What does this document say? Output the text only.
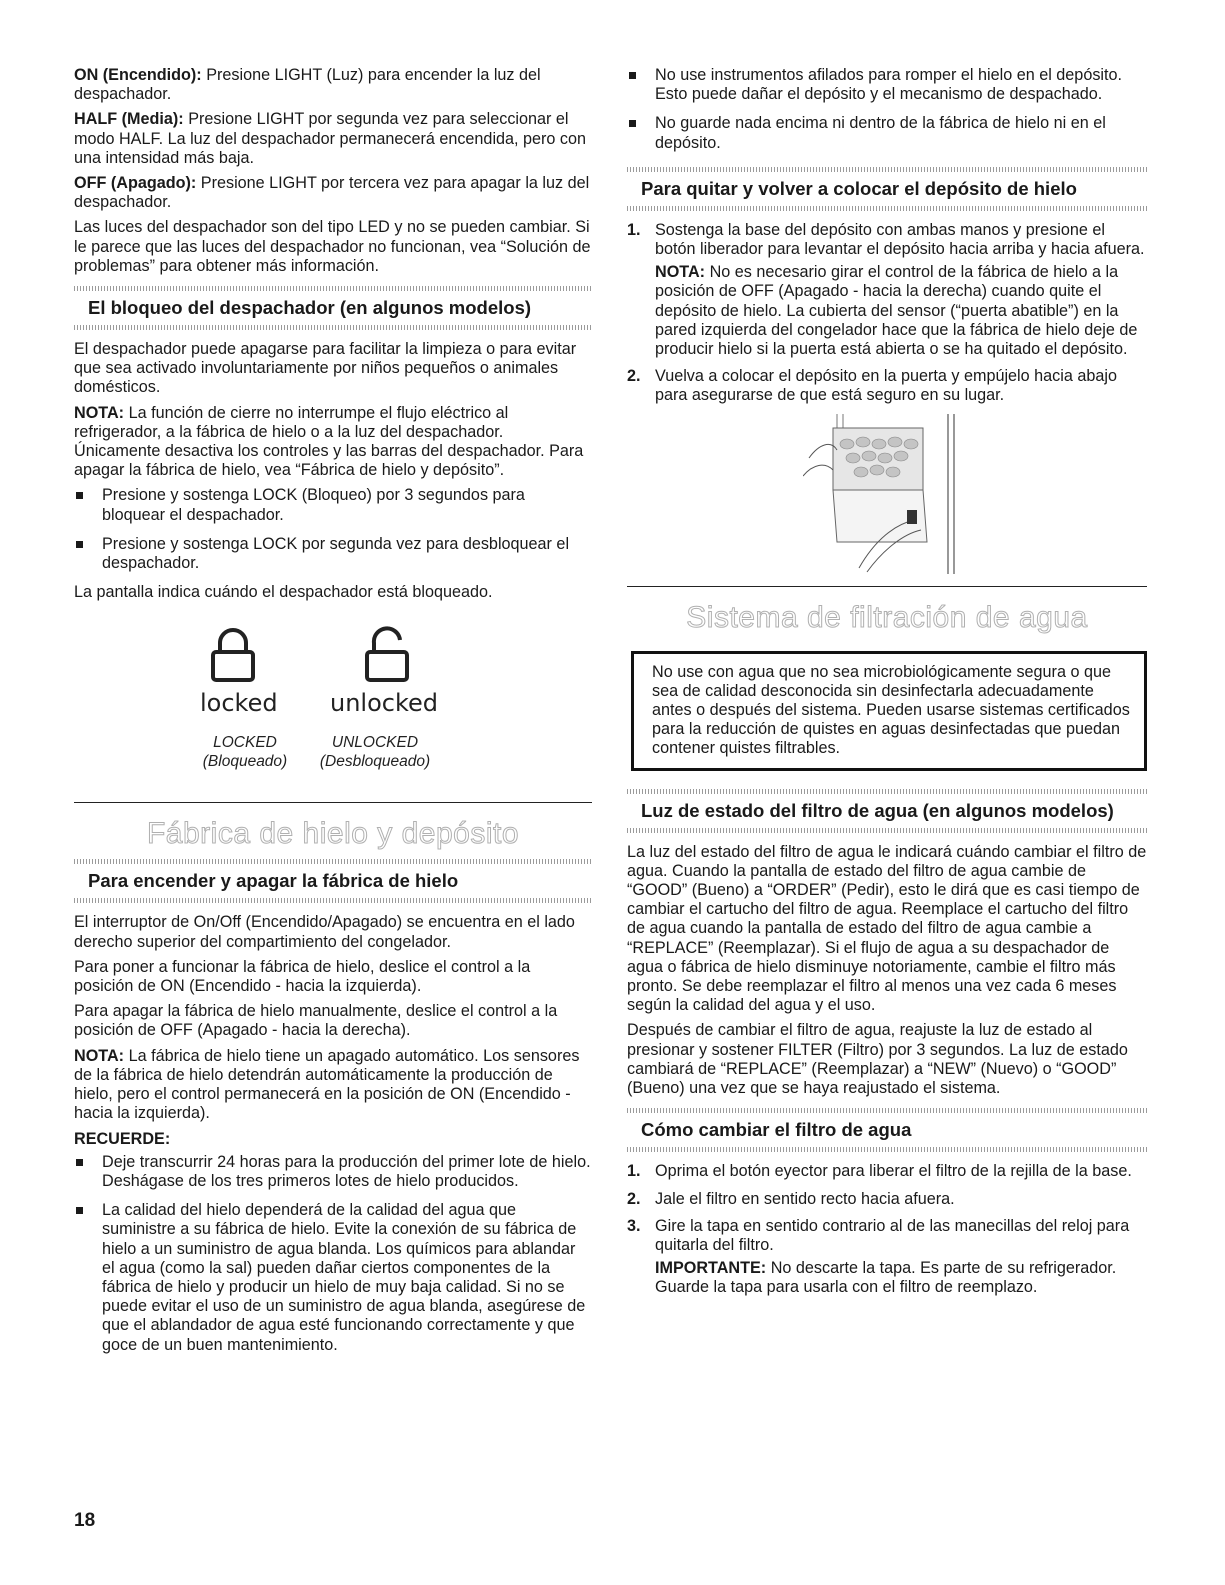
ON (Encendido): Presione LIGHT (Luz) para encender la luz del despachador.

HALF (Media): Presione LIGHT por segunda vez para seleccionar el modo HALF. La luz del despachador permanecerá encendida, pero con una intensidad más baja.

OFF (Apagado): Presione LIGHT por tercera vez para apagar la luz del despachador.

Las luces del despachador son del tipo LED y no se pueden cambiar. Si le parece que las luces del despachador no funcionan, vea “Solución de problemas” para obtener más información.

El bloqueo del despachador (en algunos modelos)

El despachador puede apagarse para facilitar la limpieza o para evitar que sea activado involuntariamente por niños pequeños o animales domésticos.

NOTA: La función de cierre no interrumpe el flujo eléctrico al refrigerador, a la fábrica de hielo o a la luz del despachador. Únicamente desactiva los controles y las barras del despachador. Para apagar la fábrica de hielo, vea “Fábrica de hielo y depósito”.

Presione y sostenga LOCK (Bloqueo) por 3 segundos para bloquear el despachador.
Presione y sostenga LOCK por segunda vez para desbloquear el despachador.

La pantalla indica cuándo el despachador está bloqueado.

locked unlocked
LOCKED
(Bloqueado)
UNLOCKED
(Desbloqueado)
Fábrica de hielo y depósito
Para encender y apagar la fábrica de hielo

El interruptor de On/Off (Encendido/Apagado) se encuentra en el lado derecho superior del compartimiento del congelador.

Para poner a funcionar la fábrica de hielo, deslice el control a la posición de ON (Encendido - hacia la izquierda).

Para apagar la fábrica de hielo manualmente, deslice el control a la posición de OFF (Apagado - hacia la derecha).

NOTA: La fábrica de hielo tiene un apagado automático. Los sensores de la fábrica de hielo detendrán automáticamente la producción de hielo, pero el control permanecerá en la posición de ON (Encendido - hacia la izquierda).

RECUERDE:

Deje transcurrir 24 horas para la producción del primer lote de hielo. Deshágase de los tres primeros lotes de hielo producidos.
La calidad del hielo dependerá de la calidad del agua que suministre a su fábrica de hielo. Evite la conexión de su fábrica de hielo a un suministro de agua blanda. Los químicos para ablandar el agua (como la sal) pueden dañar ciertos componentes de la fábrica de hielo y producir un hielo de muy baja calidad. Si no se puede evitar el uso de un suministro de agua blanda, asegúrese de que el ablandador de agua esté funcionando correctamente y que goce de un buen mantenimiento.
No use instrumentos afilados para romper el hielo en el depósito. Esto puede dañar el depósito y el mecanismo de despachado.
No guarde nada encima ni dentro de la fábrica de hielo ni en el depósito.
Para quitar y volver a colocar el depósito de hielo
1. Sostenga la base del depósito con ambas manos y presione el botón liberador para levantar el depósito hacia arriba y hacia afuera.
NOTA: No es necesario girar el control de la fábrica de hielo a la posición de OFF (Apagado - hacia la derecha) cuando quite el depósito de hielo. La cubierta del sensor (“puerta abatible”) en la pared izquierda del congelador hace que la fábrica de hielo deje de producir hielo si la puerta está abierta o se ha quitado el depósito.
2. Vuelva a colocar el depósito en la puerta y empújelo hacia abajo para asegurarse de que está seguro en su lugar.
Sistema de filtración de agua
No use con agua que no sea microbiológicamente segura o que sea de calidad desconocida sin desinfectarla adecuadamente antes o después del sistema. Pueden usarse sistemas certificados para la reducción de quistes en aguas desinfectadas que puedan contener quistes filtrables.
Luz de estado del filtro de agua (en algunos modelos)

La luz del estado del filtro de agua le indicará cuándo cambiar el filtro de agua. Cuando la pantalla de estado del filtro de agua cambie de “GOOD” (Bueno) a “ORDER” (Pedir), esto le dirá que es casi tiempo de cambiar el cartucho del filtro de agua. Reemplace el cartucho del filtro de agua cuando la pantalla de estado del filtro de agua cambie a “REPLACE” (Reemplazar). Si el flujo de agua a su despachador de agua o fábrica de hielo disminuye notoriamente, cambie el filtro más pronto. Se debe reemplazar el filtro al menos una vez cada 6 meses según la calidad del agua y el uso.

Después de cambiar el filtro de agua, reajuste la luz de estado al presionar y sostener FILTER (Filtro) por 3 segundos. La luz de estado cambiará de “REPLACE” (Reemplazar) a “NEW” (Nuevo) o “GOOD” (Bueno) una vez que se haya reajustado el sistema.

Cómo cambiar el filtro de agua
1. Oprima el botón eyector para liberar el filtro de la rejilla de la base.
2. Jale el filtro en sentido recto hacia afuera.
3. Gire la tapa en sentido contrario al de las manecillas del reloj para quitarla del filtro.
IMPORTANTE: No descarte la tapa. Es parte de su refrigerador. Guarde la tapa para usarla con el filtro de reemplazo.
18
